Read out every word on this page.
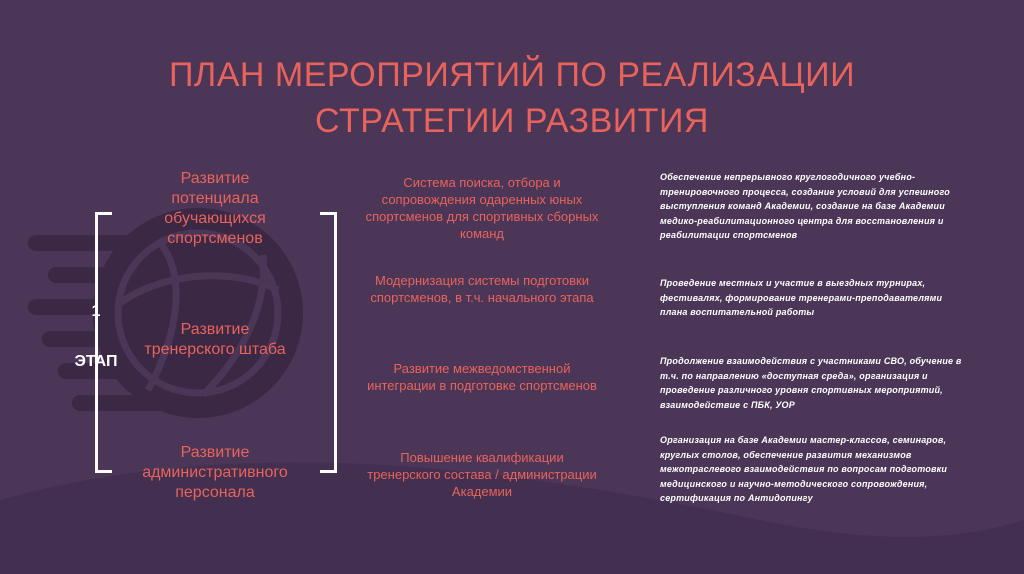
ПЛАН МЕРОПРИЯТИЙ ПО РЕАЛИЗАЦИИ
СТРАТЕГИИ РАЗВИТИЯ
1
ЭТАП
Развитие потенциала обучающихся спортсменов
Развитие тренерского штаба
Развитие административного персонала
Система поиска, отбора и сопровождения одаренных юных спортсменов для спортивных сборных команд
Модернизация системы подготовки спортсменов, в т.ч. начального этапа
Развитие межведомственной интеграции в подготовке спортсменов
Повышение квалификации тренерского состава / администрации Академии
Обеспечение непрерывного круглогодичного учебно-тренировочного процесса, создание условий для успешного выступления команд Академии, создание на базе Академии медико-реабилитационного центра для восстановления и реабилитации спортсменов
Проведение местных и участие в выездных турнирах, фестивалях, формирование тренерами-преподавателями плана воспитательной работы
Продолжение взаимодействия с участниками СВО, обучение в т.ч. по направлению «доступная среда», организация и проведение различного уровня спортивных мероприятий, взаимодействие с ПБК, УОР
Организация на базе Академии мастер-классов, семинаров, круглых столов, обеспечение развития механизмов межотраслевого взаимодействия по вопросам подготовки медицинского и научно-методического сопровождения, сертификация по Антидопингу
